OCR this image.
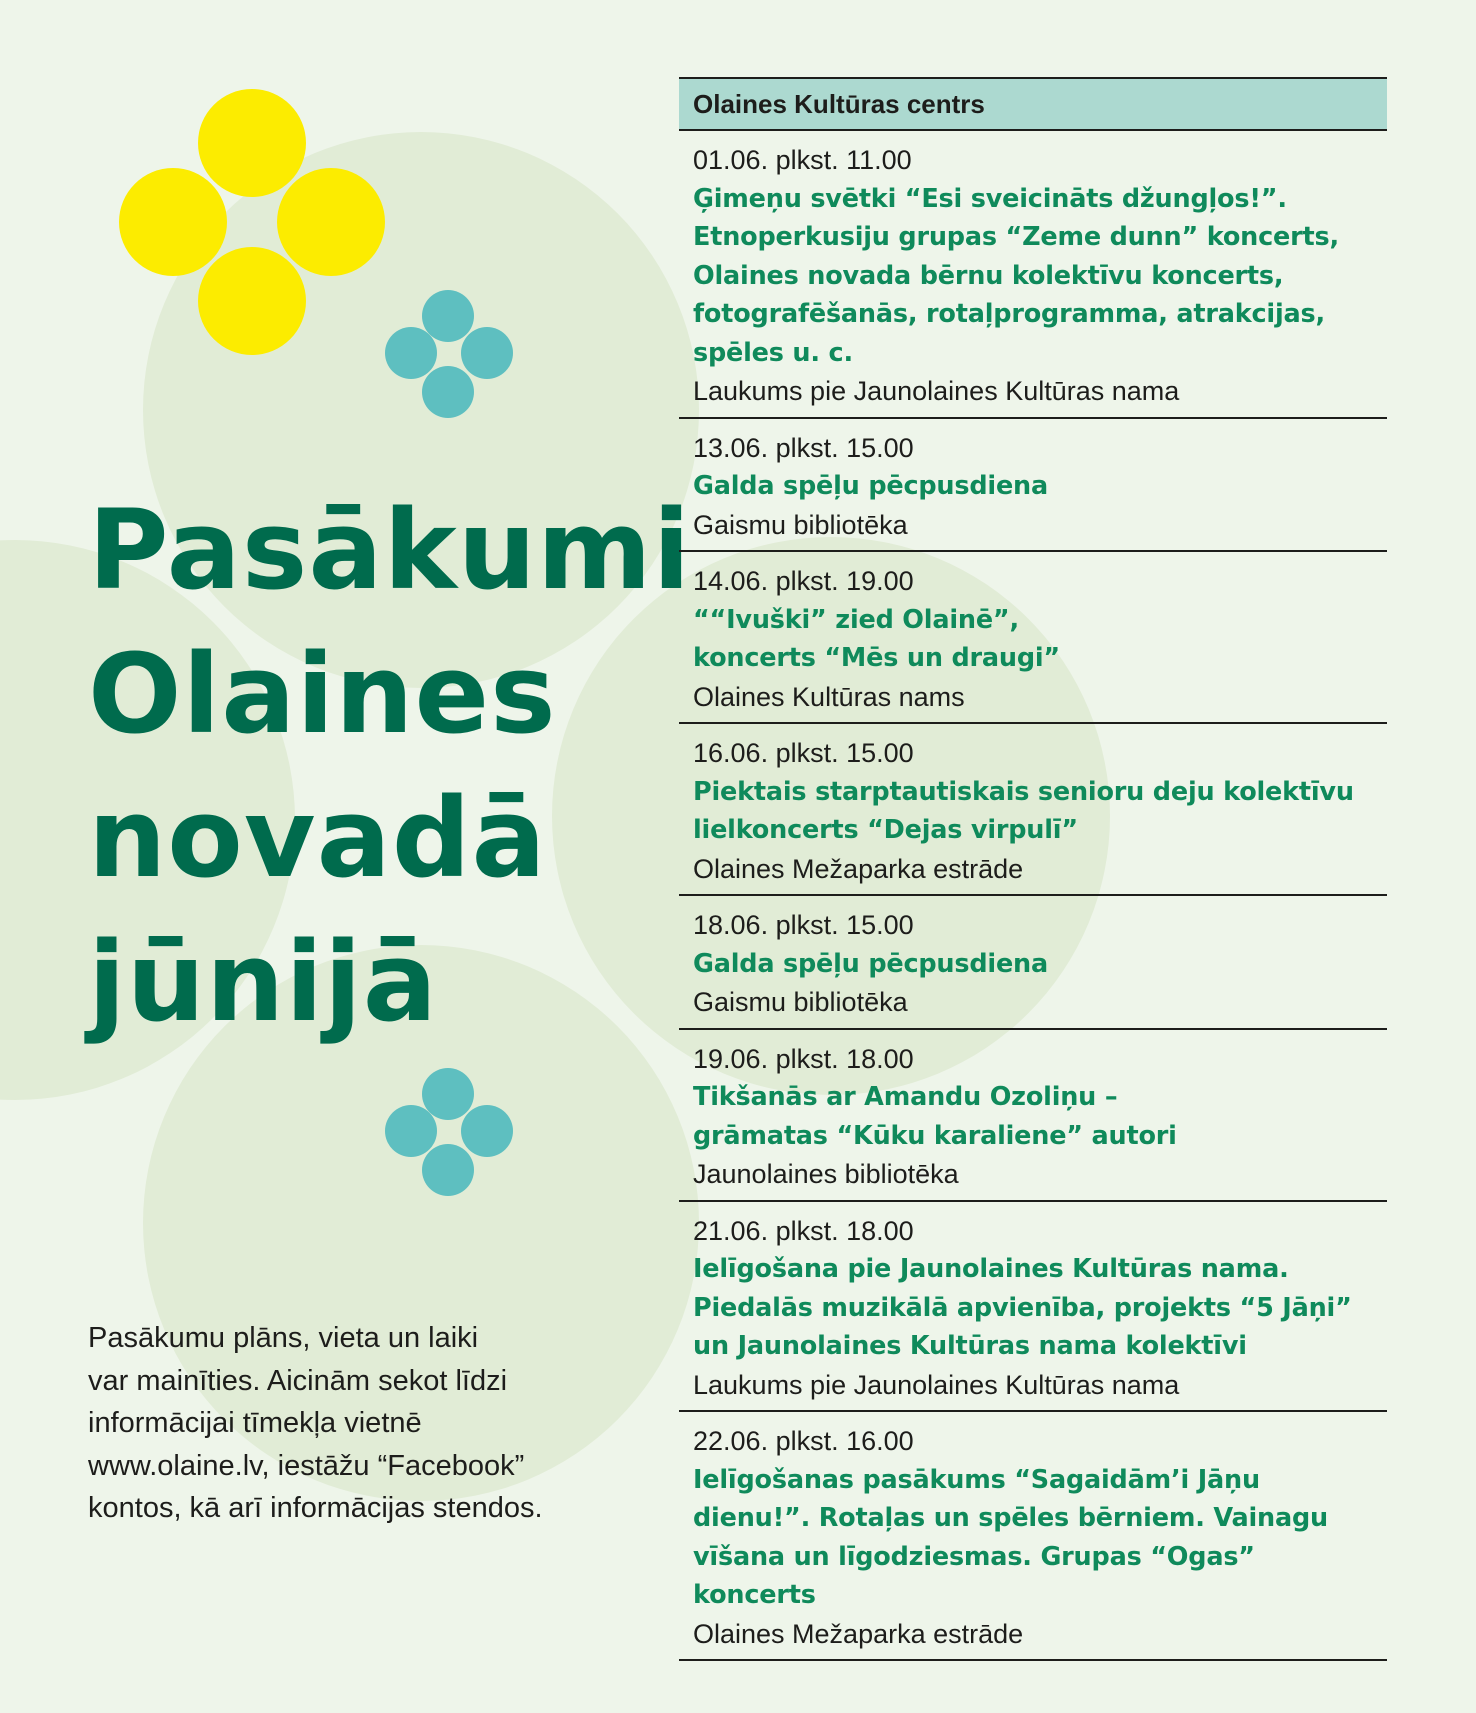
Pasākumi
Olaines
novadā
jūnijā
Pasākumu plāns, vieta un laiki
var mainīties. Aicinām sekot līdzi
informācijai tīmekļa vietnē
www.olaine.lv, iestāžu “Facebook”
kontos, kā arī informācijas stendos.
Olaines Kultūras centrs
01.06. plkst. 11.00
Ģimeņu svētki “Esi sveicināts džungļos!”.
Etnoperkusiju grupas “Zeme dunn” koncerts,
Olaines novada bērnu kolektīvu koncerts,
fotografēšanās, rotaļprogramma, atrakcijas,
spēles u. c.
Laukums pie Jaunolaines Kultūras nama
13.06. plkst. 15.00
Galda spēļu pēcpusdiena
Gaismu bibliotēka
14.06. plkst. 19.00
““Ivuški” zied Olainē”,
koncerts “Mēs un draugi”
Olaines Kultūras nams
16.06. plkst. 15.00
Piektais starptautiskais senioru deju kolektīvu
lielkoncerts “Dejas virpulī”
Olaines Mežaparka estrāde
18.06. plkst. 15.00
Galda spēļu pēcpusdiena
Gaismu bibliotēka
19.06. plkst. 18.00
Tikšanās ar Amandu Ozoliņu –
grāmatas “Kūku karaliene” autori
Jaunolaines bibliotēka
21.06. plkst. 18.00
Ielīgošana pie Jaunolaines Kultūras nama.
Piedalās muzikālā apvienība, projekts “5 Jāņi”
un Jaunolaines Kultūras nama kolektīvi
Laukums pie Jaunolaines Kultūras nama
22.06. plkst. 16.00
Ielīgošanas pasākums “Sagaidām’i Jāņu
dienu!”. Rotaļas un spēles bērniem. Vainagu
vīšana un līgodziesmas. Grupas “Ogas”
koncerts
Olaines Mežaparka estrāde
